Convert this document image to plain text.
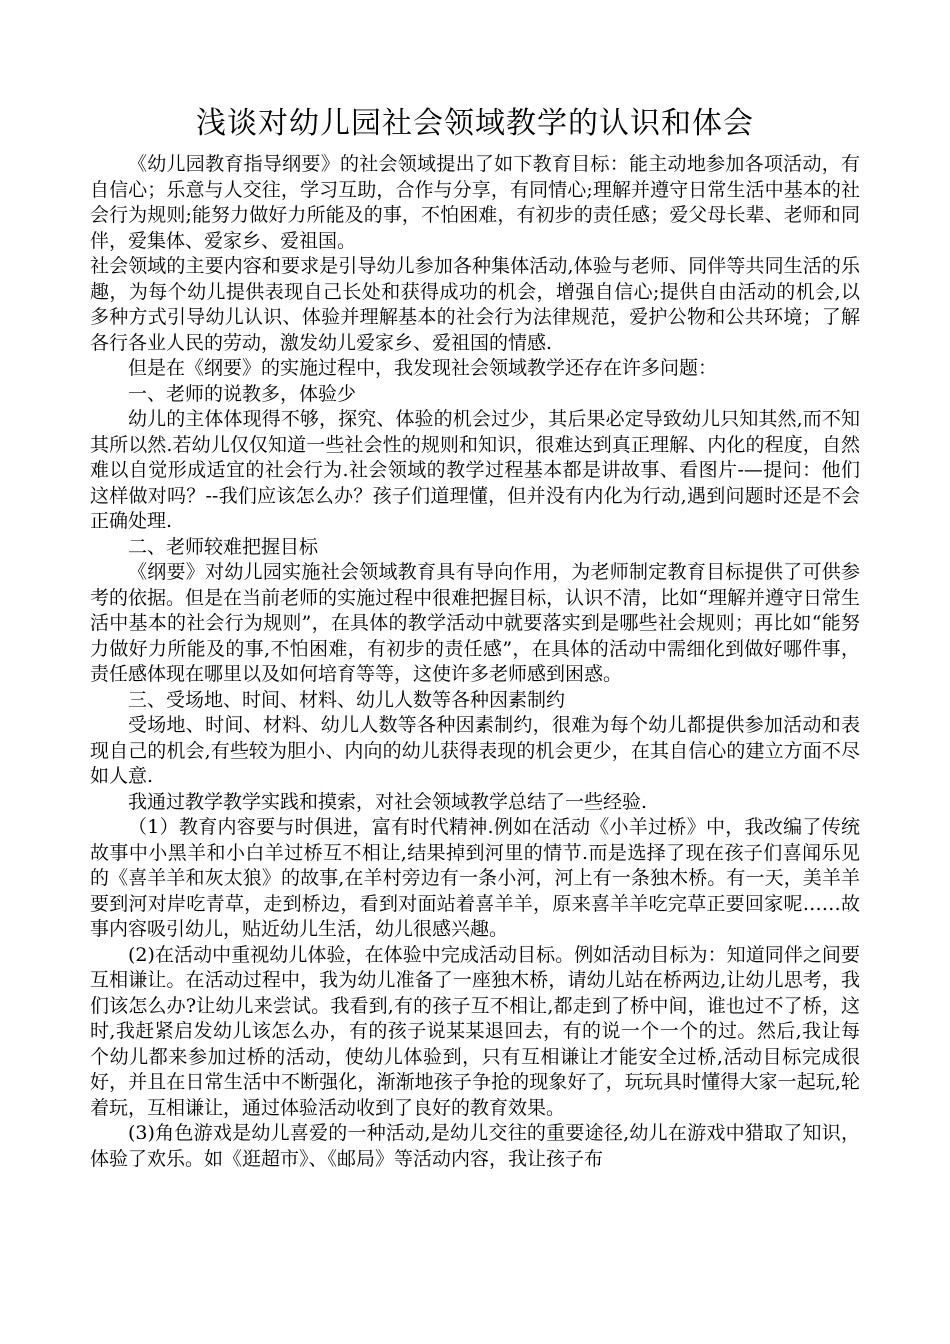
浅谈对幼儿园社会领域教学的认识和体会

《幼儿园教育指导纲要》的社会领域提出了如下教育目标：能主动地参加各项活动，有自信心；乐意与人交往，学习互助，合作与分享，有同情心;理解并遵守日常生活中基本的社会行为规则;能努力做好力所能及的事，不怕困难，有初步的责任感；爱父母长辈、老师和同伴，爱集体、爱家乡、爱祖国。

社会领域的主要内容和要求是引导幼儿参加各种集体活动,体验与老师、同伴等共同生活的乐趣，为每个幼儿提供表现自己长处和获得成功的机会，增强自信心;提供自由活动的机会,以多种方式引导幼儿认识、体验并理解基本的社会行为法律规范，爱护公物和公共环境；了解各行各业人民的劳动，激发幼儿爱家乡、爱祖国的情感.

但是在《纲要》的实施过程中，我发现社会领域教学还存在许多问题：

一、老师的说教多，体验少

幼儿的主体体现得不够，探究、体验的机会过少，其后果必定导致幼儿只知其然,而不知其所以然.若幼儿仅仅知道一些社会性的规则和知识，很难达到真正理解、内化的程度，自然难以自觉形成适宜的社会行为.社会领域的教学过程基本都是讲故事、看图片-—提问：他们这样做对吗？--我们应该怎么办？孩子们道理懂，但并没有内化为行动,遇到问题时还是不会正确处理.

二、老师较难把握目标

《纲要》对幼儿园实施社会领域教育具有导向作用，为老师制定教育目标提供了可供参考的依据。但是在当前老师的实施过程中很难把握目标，认识不清，比如“理解并遵守日常生活中基本的社会行为规则”，在具体的教学活动中就要落实到是哪些社会规则；再比如“能努力做好力所能及的事,不怕困难，有初步的责任感”，在具体的活动中需细化到做好哪件事，责任感体现在哪里以及如何培育等等，这使许多老师感到困惑。

三、受场地、时间、材料、幼儿人数等各种因素制约

受场地、时间、材料、幼儿人数等各种因素制约，很难为每个幼儿都提供参加活动和表现自己的机会,有些较为胆小、内向的幼儿获得表现的机会更少，在其自信心的建立方面不尽如人意.

我通过教学教学实践和摸索，对社会领域教学总结了一些经验.

（1）教育内容要与时俱进，富有时代精神.例如在活动《小羊过桥》中，我改编了传统故事中小黑羊和小白羊过桥互不相让,结果掉到河里的情节.而是选择了现在孩子们喜闻乐见的《喜羊羊和灰太狼》的故事,在羊村旁边有一条小河，河上有一条独木桥。有一天，美羊羊要到河对岸吃青草，走到桥边，看到对面站着喜羊羊，原来喜羊羊吃完草正要回家呢……故事内容吸引幼儿，贴近幼儿生活，幼儿很感兴趣。

(2)在活动中重视幼儿体验，在体验中完成活动目标。例如活动目标为：知道同伴之间要互相谦让。在活动过程中，我为幼儿准备了一座独木桥，请幼儿站在桥两边,让幼儿思考，我们该怎么办?让幼儿来尝试。我看到,有的孩子互不相让,都走到了桥中间，谁也过不了桥，这时,我赶紧启发幼儿该怎么办，有的孩子说某某退回去，有的说一个一个的过。然后,我让每个幼儿都来参加过桥的活动，使幼儿体验到，只有互相谦让才能安全过桥,活动目标完成很好，并且在日常生活中不断强化，渐渐地孩子争抢的现象好了，玩玩具时懂得大家一起玩,轮着玩，互相谦让，通过体验活动收到了良好的教育效果。

(3)角色游戏是幼儿喜爱的一种活动,是幼儿交往的重要途径,幼儿在游戏中猎取了知识，体验了欢乐。如《逛超市》、《邮局》等活动内容，我让孩子布
